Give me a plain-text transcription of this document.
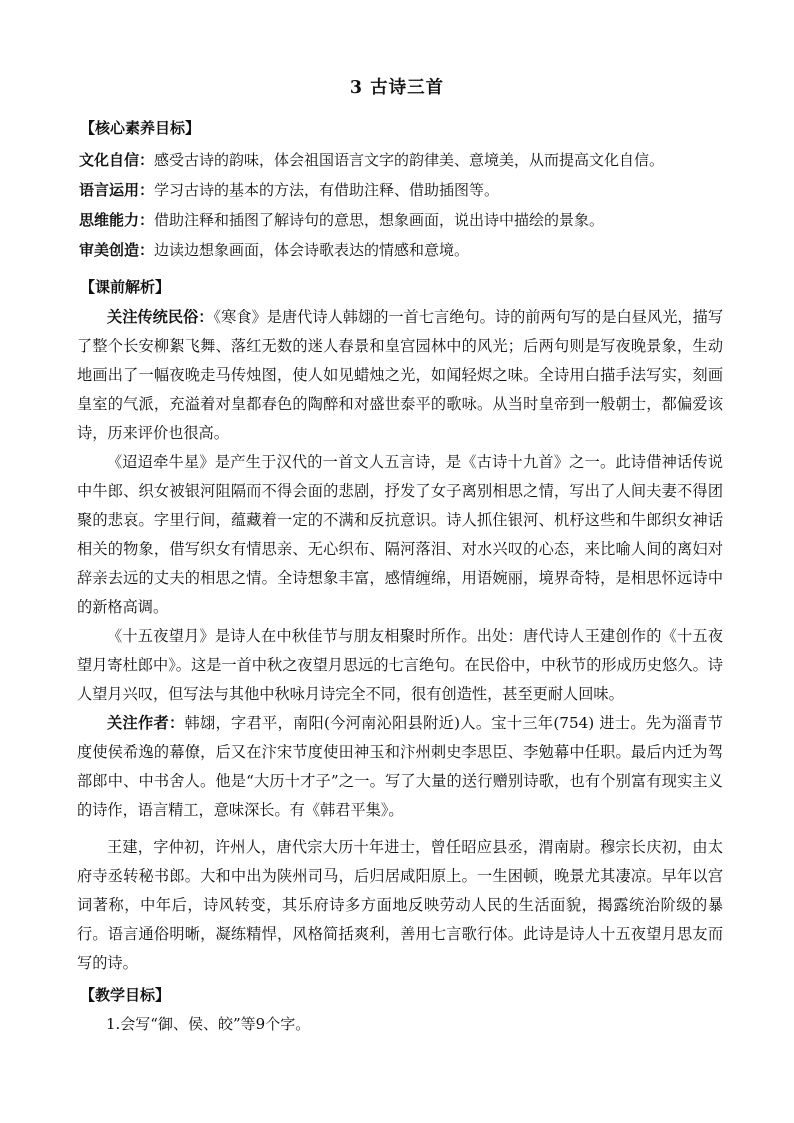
3 古诗三首
【核心素养目标】
文化自信：感受古诗的韵味，体会祖国语言文字的韵律美、意境美，从而提高文化自信。
语言运用：学习古诗的基本的方法，有借助注释、借助插图等。
思维能力：借助注释和插图了解诗句的意思，想象画面，说出诗中描绘的景象。
审美创造：边读边想象画面，体会诗歌表达的情感和意境。
【课前解析】

关注传统民俗：《寒食》是唐代诗人韩翃的一首七言绝句。诗的前两句写的是白昼风光，描写了整个长安柳絮飞舞、落红无数的迷人春景和皇宫园林中的风光；后两句则是写夜晚景象，生动地画出了一幅夜晚走马传烛图，使人如见蜡烛之光，如闻轻烬之味。全诗用白描手法写实，刻画皇室的气派，充溢着对皇都春色的陶醉和对盛世泰平的歌咏。从当时皇帝到一般朝士，都偏爱该诗，历来评价也很高。

《迢迢牵牛星》是产生于汉代的一首文人五言诗，是《古诗十九首》之一。此诗借神话传说中牛郎、织女被银河阻隔而不得会面的悲剧，抒发了女子离别相思之情，写出了人间夫妻不得团聚的悲哀。字里行间，蕴藏着一定的不满和反抗意识。诗人抓住银河、机杼这些和牛郎织女神话相关的物象，借写织女有情思亲、无心织布、隔河落泪、对水兴叹的心态，来比喻人间的离妇对辞亲去远的丈夫的相思之情。全诗想象丰富，感情缠绵，用语婉丽，境界奇特，是相思怀远诗中的新格高调。

《十五夜望月》是诗人在中秋佳节与朋友相聚时所作。出处：唐代诗人王建创作的《十五夜望月寄杜郎中》。这是一首中秋之夜望月思远的七言绝句。在民俗中，中秋节的形成历史悠久。诗人望月兴叹，但写法与其他中秋咏月诗完全不同，很有创造性，甚至更耐人回味。

关注作者：韩翃，字君平，南阳(今河南沁阳县附近)人。宝十三年(754) 进士。先为淄青节度使侯希逸的幕僚，后又在汴宋节度使田神玉和汴州刺史李思臣、李勉幕中任职。最后内迁为驾部郎中、中书舍人。他是“大历十才子”之一。写了大量的送行赠别诗歌，也有个别富有现实主义的诗作，语言精工，意味深长。有《韩君平集》。

王建，字仲初，许州人，唐代宗大历十年进士，曾任昭应县丞，渭南尉。穆宗长庆初，由太府寺丞转秘书郎。大和中出为陕州司马，后归居咸阳原上。一生困顿，晚景尤其凄凉。早年以宫词著称，中年后，诗风转变，其乐府诗多方面地反映劳动人民的生活面貌，揭露统治阶级的暴行。语言通俗明晰，凝练精悍，风格简括爽利，善用七言歌行体。此诗是诗人十五夜望月思友而写的诗。

【教学目标】
1.会写“御、侯、皎”等9个字。
